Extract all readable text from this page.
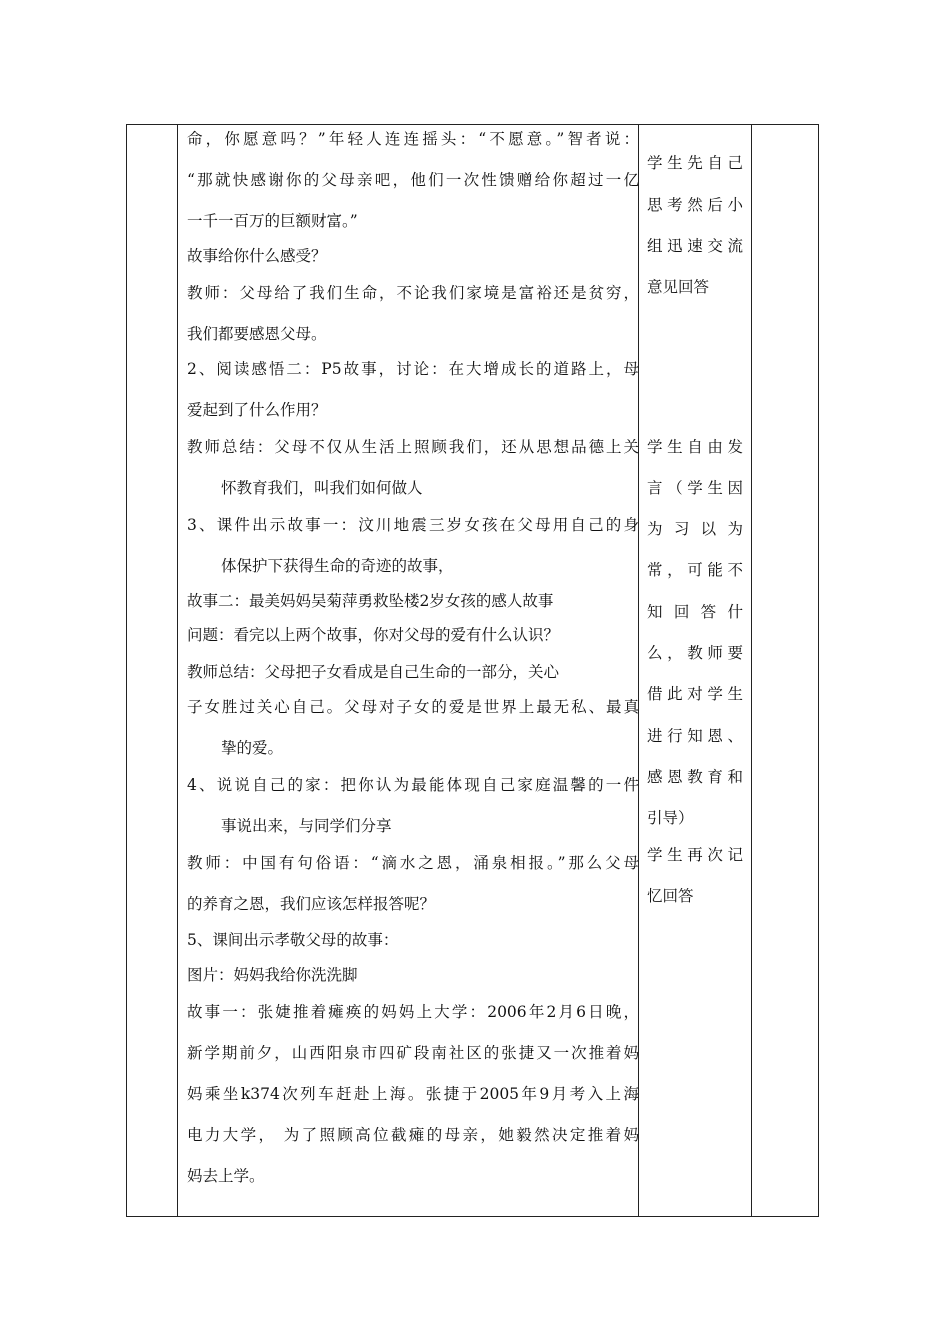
命，你愿意吗？”年轻人连连摇头：“不愿意。”智者说：
“那就快感谢你的父母亲吧，他们一次性馈赠给你超过一亿
一千一百万的巨额财富。”
故事给你什么感受？
教师：父母给了我们生命，不论我们家境是富裕还是贫穷，
我们都要感恩父母。
2、阅读感悟二：P5故事，讨论：在大增成长的道路上，母
爱起到了什么作用？
教师总结：父母不仅从生活上照顾我们，还从思想品德上关
怀教育我们，叫我们如何做人
3、课件出示故事一：汶川地震三岁女孩在父母用自己的身
体保护下获得生命的奇迹的故事，
故事二：最美妈妈吴菊萍勇救坠楼2岁女孩的感人故事
问题：看完以上两个故事，你对父母的爱有什么认识？
教师总结：父母把子女看成是自己生命的一部分，关心
子女胜过关心自己。父母对子女的爱是世界上最无私、最真
挚的爱。
4、说说自己的家：把你认为最能体现自己家庭温馨的一件
事说出来，与同学们分享
教师：中国有句俗语：“滴水之恩，涌泉相报。”那么父母
的养育之恩，我们应该怎样报答呢？
5、课间出示孝敬父母的故事：
图片：妈妈我给你洗洗脚
故事一：张婕推着瘫痪的妈妈上大学：2006年2月6日晚，
新学期前夕，山西阳泉市四矿段南社区的张捷又一次推着妈
妈乘坐k374次列车赶赴上海。张捷于2005年9月考入上海
电力大学， 为了照顾高位截瘫的母亲，她毅然决定推着妈
妈去上学。
学生先自己
思考然后小
组迅速交流
意见回答
学生自由发
言（学生因
为习以为
常，可能不
知回答什
么，教师要
借此对学生
进行知恩、
感恩教育和
引导）
学生再次记
忆回答
